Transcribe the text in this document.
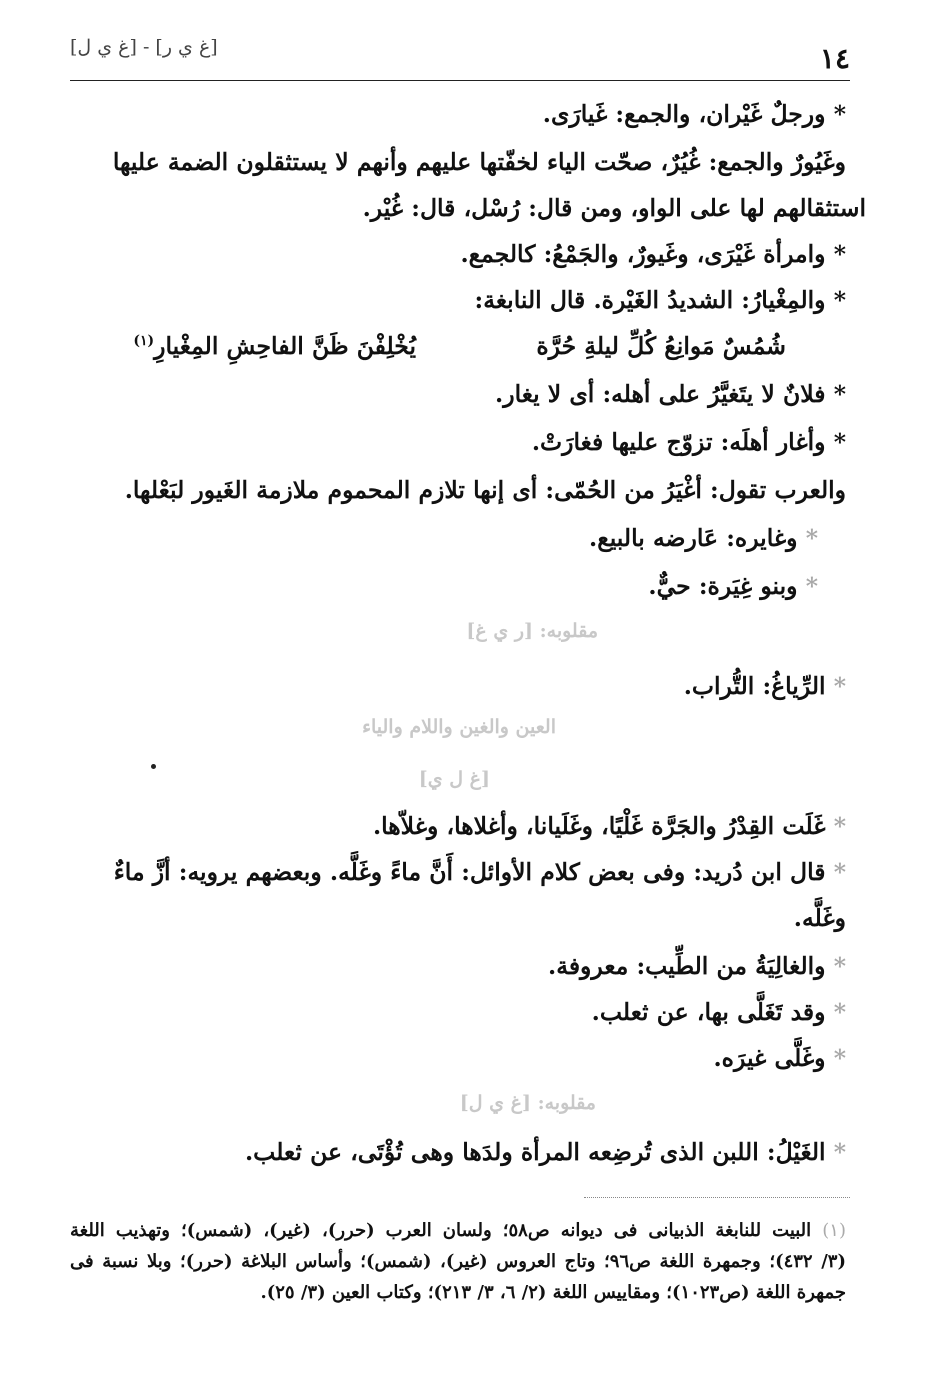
١٤
[غ ي ر] - [غ ي ل]
* ورجلٌ غَيْران، والجمع: غَيارَى.
وغَيُورٌ والجمع: غُيُرٌ، صحّت الياء لخفّتها عليهم وأنهم لا يستثقلون الضمة عليها
استثقالهم لها على الواو، ومن قال: رُسْل، قال: غُيْر.
* وامرأة غَيْرَى، وغَيورٌ، والجَمْعُ: كالجمع.
* والمِغْيارُ: الشديدُ الغَيْرة. قال النابغة:
شُمُسٌ مَوانِعُ كُلِّ ليلةِ حُرَّة
يُخْلِفْنَ ظَنَّ الفاحِشِ المِغْيارِ$^{(١)}$
* فلانٌ لا يتَغيَّرُ على أهله: أى لا يغار.
* وأغار أهلَه: تزوّج عليها فغارَتْ.
والعرب تقول: أغْيَرُ من الحُمّى: أى إنها تلازم المحموم ملازمة الغَيور لبَعْلها.
* وغايره: عَارضه بالبيع.
* وبنو غِيَرة: حيٌّ.
مقلوبه: [ر ي غ]
* الرِّياغُ: التُّراب.
العين والغين واللام والياء
[غ ل ي]
* غَلَت القِدْرُ والجَرَّة غَلْيًا، وغَلَيانا، وأغلاها، وغلاّها.
* قال ابن دُريد: وفى بعض كلام الأوائل: أَنَّ ماءً وغَلَّه. وبعضهم يرويه: أزَّ ماءٌ
وغَلَّه.
* والغالِيَةُ من الطِّيب: معروفة.
* وقد تَغَلَّى بها، عن ثعلب.
* وغَلَّى غيرَه.
مقلوبه: [غ ي ل]
* الغَيْلُ: اللبن الذى تُرضِعه المرأة ولدَها وهى تُؤْتَى، عن ثعلب.
(١) البيت للنابغة الذبيانى فى ديوانه ص٥٨؛ ولسان العرب (حرر)، (غير)، (شمس)؛ وتهذيب اللغة
(٣/ ٤٣٢)؛ وجمهرة اللغة ص٩٦؛ وتاج العروس (غير)، (شمس)؛ وأساس البلاغة (حرر)؛ وبلا نسبة فى
جمهرة اللغة (ص١٠٢٣)؛ ومقاييس اللغة (٢/ ٦، ٣/ ٢١٣)؛ وكتاب العين (٣/ ٢٥).
